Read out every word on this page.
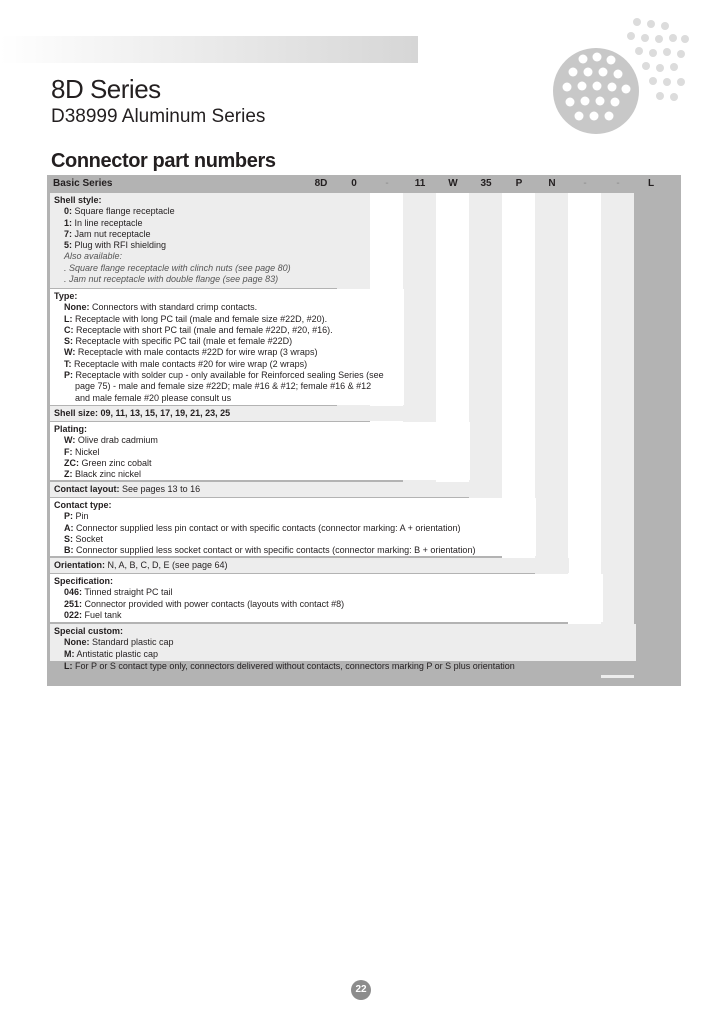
8D Series
D38999 Aluminum Series
Connector part numbers
Basic Series	8D	0	-	11	W	35	P	N	-	-	L
Shell style:
0: Square flange receptacle
1: In line receptacle
7: Jam nut receptacle
5: Plug with RFI shielding
Also available:
. Square flange receptacle with clinch nuts (see page 80)
. Jam nut receptacle with double flange (see page 83)
Type:
None: Connectors with standard crimp contacts.
L: Receptacle with long PC tail (male and female size #22D, #20).
C: Receptacle with short PC tail (male and female #22D, #20, #16).
S: Receptacle with specific PC tail (male et female #22D)
W: Receptacle with male contacts #22D for wire wrap (3 wraps)
T: Receptacle with male contacts #20 for wire wrap (2 wraps)
P: Receptacle with solder cup - only available for Reinforced sealing Series (see
page 75) - male and female size #22D; male #16 & #12; female #16 & #12
and male female #20 please consult us
Shell size: 09, 11, 13, 15, 17, 19, 21, 23, 25
Plating:
W: Olive drab cadmium
F: Nickel
ZC: Green zinc cobalt
Z: Black zinc nickel
Contact layout: See pages 13 to 16
Contact type:
P: Pin
A: Connector supplied less pin contact or with specific contacts (connector marking: A + orientation)
S: Socket
B: Connector supplied less socket contact or with specific contacts (connector marking: B + orientation)
Orientation: N, A, B, C, D, E (see page 64)
Specification:
046: Tinned straight PC tail
251: Connector provided with power contacts (layouts with contact #8)
022: Fuel tank
Special custom:
None: Standard plastic cap
M: Antistatic plastic cap
L: For P or S contact type only, connectors delivered without contacts, connectors marking P or S plus orientation
22
